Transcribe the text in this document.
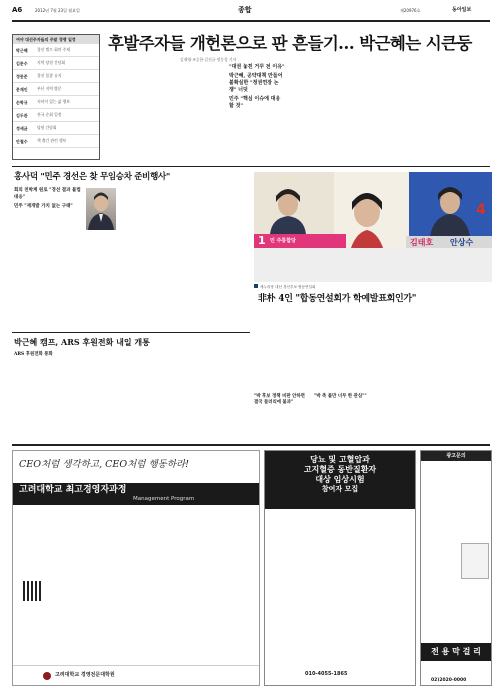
A6	2012년 7월 23일 월요일	종합	제20976호	동아일보
여야 대선주자들의 주말 경쟁 일정
박근혜	경선 캠프 회의 주재
김문수	지역 당원 간담회
정몽준	경선 불참 유지
문재인	부산 지역 방문
손학규	저녁이 있는 삶 행보
김두관	전국 순회 일정
정세균	당원 간담회
안철수	책 출간 관련 행보
후발주자들 개헌론으로 판 흔들기… 박근혜는 시큰둥
김재영·조승한·길진균·정동성 기자
"대권 놓친 거꾸 전 이유"
박근혜, 공약대책 만들어 불확실한 "정권연장 논쟁" 너덧
민주 "핵심 이슈에 대응할 것"
홍사덕 "민주 경선은 찾 무임승차 준비행사"
회의 친박계 원로 "경선 결과 불법 대응"
민주 "재개발 가치 없는 구태"
1 민 주통합당	김태호 안상수
4
새누리당 대선 경선후보 합동연설회
非朴 4인 "합동연설회가 학예발표회인가"
"박 후보 정책 비판 안하면 결국 들러리에 불과"
"박 측 불만 너무 한 관심""
박근혜 캠프, ARS 후원전화 내일 개통
ARS 후원전화 통화
CEO처럼 생각하고, CEO처럼 행동하라!
고려대학교 최고경영자과정
Management Program
고려대학교 경영전문대학원
당뇨 및 고혈압과
고지혈증 동반질환자
대상 임상시험
참여자 모집
010-4055-1865
광고문의
전 용 막 걸 리
02)2020-0000
